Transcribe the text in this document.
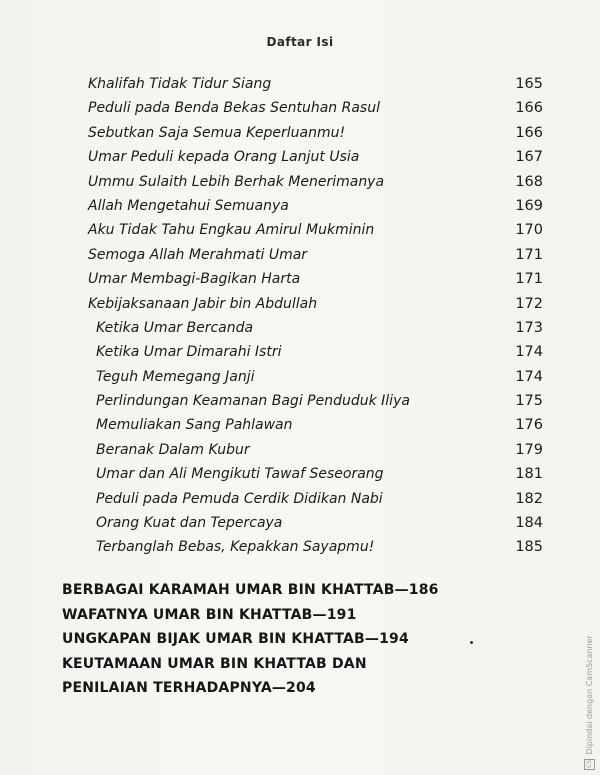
Daftar Isi
Khalifah Tidak Tidur Siang	165
Peduli pada Benda Bekas Sentuhan Rasul	166
Sebutkan Saja Semua Keperluanmu!	166
Umar Peduli kepada Orang Lanjut Usia	167
Ummu Sulaith Lebih Berhak Menerimanya	168
Allah Mengetahui Semuanya	169
Aku Tidak Tahu Engkau Amirul Mukminin	170
Semoga Allah Merahmati Umar	171
Umar Membagi-Bagikan Harta	171
Kebijaksanaan Jabir bin Abdullah	172
Ketika Umar Bercanda	173
Ketika Umar Dimarahi Istri	174
Teguh Memegang Janji	174
Perlindungan Keamanan Bagi Penduduk Iliya	175
Memuliakan Sang Pahlawan	176
Beranak Dalam Kubur	179
Umar dan Ali Mengikuti Tawaf Seseorang	181
Peduli pada Pemuda Cerdik Didikan Nabi	182
Orang Kuat dan Tepercaya	184
Terbanglah Bebas, Kepakkan Sayapmu!	185
BERBAGAI KARAMAH UMAR BIN KHATTAB—186
WAFATNYA UMAR BIN KHATTAB—191
UNGKAPAN BIJAK UMAR BIN KHATTAB—194
KEUTAMAAN UMAR BIN KHATTAB DAN
PENILAIAN TERHADAPNYA—204
CS Dipindai dengan CamScanner
